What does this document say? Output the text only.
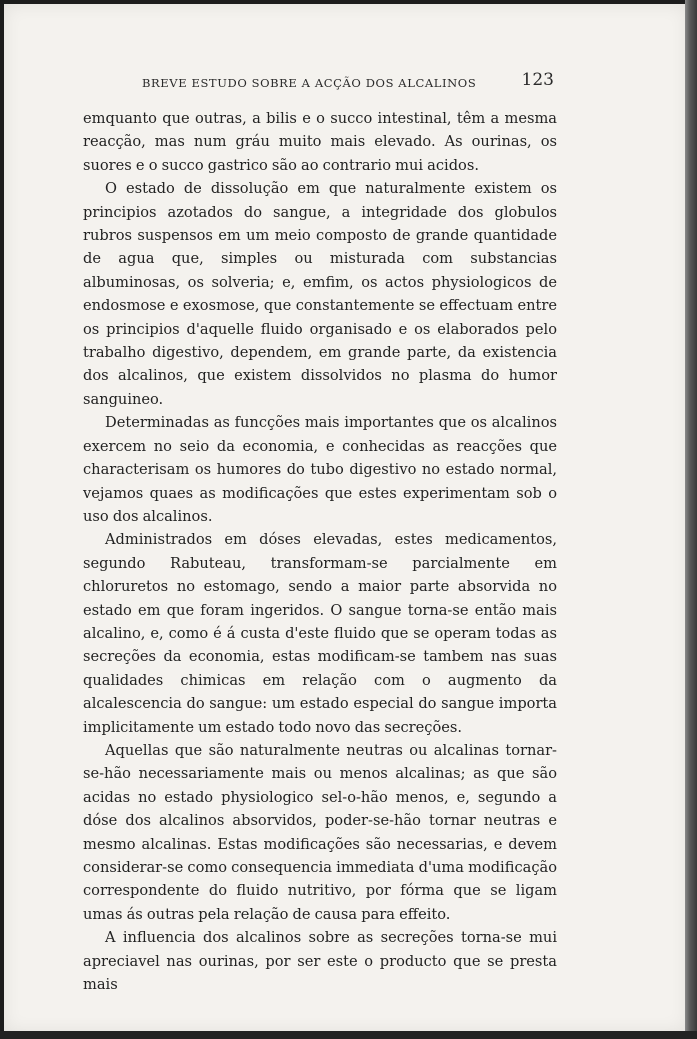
BREVE ESTUDO SOBRE A ACÇÃO DOS ALCALINOS	123

emquanto que outras, a bilis e o succo intestinal, têm a mesma reacção, mas num gráu muito mais elevado. As ourinas, os suores e o succo gastrico são ao contrario mui acidos.

O estado de dissolução em que naturalmente existem os principios azotados do sangue, a integridade dos globulos rubros suspensos em um meio composto de grande quantidade de agua que, simples ou misturada com substancias albuminosas, os solveria; e, emfim, os actos physiologicos de endosmose e exosmose, que constantemente se effectuam entre os principios d'aquelle fluido organisado e os elaborados pelo trabalho digestivo, dependem, em grande parte, da existencia dos alcalinos, que existem dissolvidos no plasma do humor sanguineo.

Determinadas as funcções mais importantes que os alcalinos exercem no seio da economia, e conhecidas as reacções que characterisam os humores do tubo digestivo no estado normal, vejamos quaes as modificações que estes experimentam sob o uso dos alcalinos.

Administrados em dóses elevadas, estes medicamentos, segundo Rabuteau, transformam-se parcialmente em chloruretos no estomago, sendo a maior parte absorvida no estado em que foram ingeridos. O sangue torna-se então mais alcalino, e, como é á custa d'este fluido que se operam todas as secreções da economia, estas modificam-se tambem nas suas qualidades chimicas em relação com o augmento da alcalescencia do sangue: um estado especial do sangue importa implicitamente um estado todo novo das secreções.

Aquellas que são naturalmente neutras ou alcalinas tornar-se-hão necessariamente mais ou menos alcalinas; as que são acidas no estado physiologico sel-o-hão menos, e, segundo a dóse dos alcalinos absorvidos, poder-se-hão tornar neutras e mesmo alcalinas. Estas modificações são necessarias, e devem considerar-se como consequencia immediata d'uma modificação correspondente do fluido nutritivo, por fórma que se ligam umas ás outras pela relação de causa para effeito.

A influencia dos alcalinos sobre as secreções torna-se mui apreciavel nas ourinas, por ser este o producto que se presta mais
